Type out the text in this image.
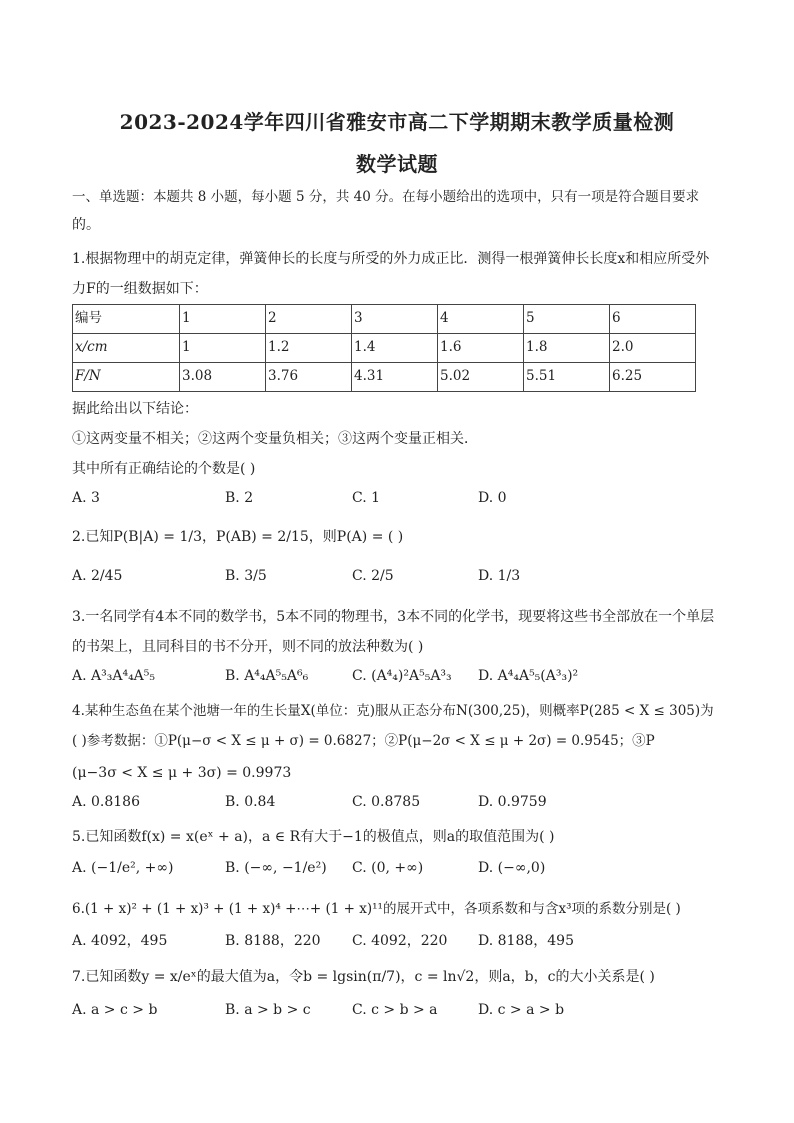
2023-2024学年四川省雅安市高二下学期期末教学质量检测
数学试题
一、单选题：本题共 8 小题，每小题 5 分，共 40 分。在每小题给出的选项中，只有一项是符合题目要求
的。
1.根据物理中的胡克定律，弹簧伸长的长度与所受的外力成正比．测得一根弹簧伸长长度x和相应所受外
力F的一组数据如下：
编号	1	2	3	4	5	6
x/cm	1	1.2	1.4	1.6	1.8	2.0
F/N	3.08	3.76	4.31	5.02	5.51	6.25
据此给出以下结论：
①这两变量不相关；②这两个变量负相关；③这两个变量正相关．
其中所有正确结论的个数是( )
A. 3	B. 2	C. 1	D. 0
2.已知P(B|A) = 1/3，P(AB) = 2/15，则P(A) = ( )
A. 2/45	B. 3/5	C. 2/5	D. 1/3
3.一名同学有4本不同的数学书，5本不同的物理书，3本不同的化学书，现要将这些书全部放在一个单层
的书架上，且同科目的书不分开，则不同的放法种数为( )
A. A³₃A⁴₄A⁵₅	B. A⁴₄A⁵₅A⁶₆	C. (A⁴₄)²A⁵₅A³₃ D. A⁴₄A⁵₅(A³₃)²
4.某种生态鱼在某个池塘一年的生长量X(单位：克)服从正态分布N(300,25)，则概率P(285 < X ≤ 305)为
( )参考数据：①P(μ−σ < X ≤ μ + σ) = 0.6827；②P(μ−2σ < X ≤ μ + 2σ) = 0.9545；③P
(μ−3σ < X ≤ μ + 3σ) = 0.9973
A. 0.8186	B. 0.84	C. 0.8785	D. 0.9759
5.已知函数f(x) = x(eˣ + a)，a ∈ R有大于−1的极值点，则a的取值范围为( )
A. (−1/e², +∞)	B. (−∞, −1/e²) C. (0, +∞)	D. (−∞,0)
6.(1 + x)² + (1 + x)³ + (1 + x)⁴ +⋯+ (1 + x)¹¹的展开式中，各项系数和与含x³项的系数分别是( )
A. 4092，495	B. 8188，220 C. 4092，220 D. 8188，495
7.已知函数y = x/eˣ的最大值为a，令b = lgsin(π/7)，c = ln√2，则a，b，c的大小关系是( )
A. a > c > b	B. a > b > c	C. c > b > a	D. c > a > b
